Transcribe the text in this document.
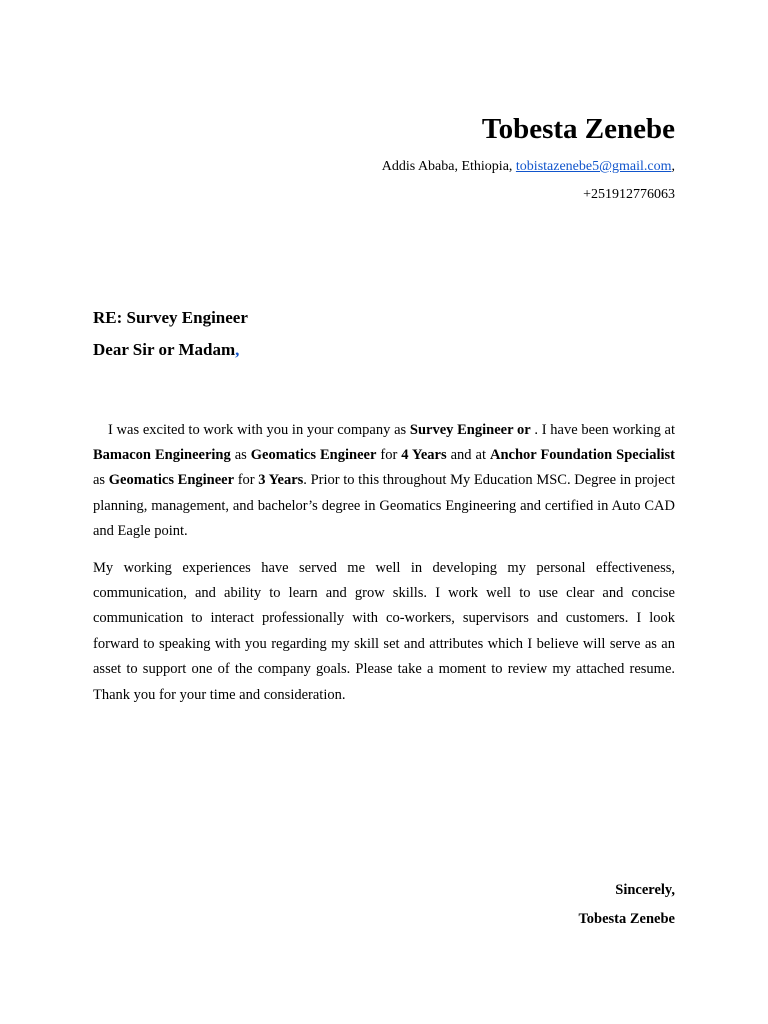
Tobesta Zenebe
Addis Ababa, Ethiopia, tobistazenebe5@gmail.com,
+251912776063
RE: Survey Engineer
Dear Sir or Madam,

I was excited to work with you in your company as Survey Engineer or . I have been working at Bamacon Engineering as Geomatics Engineer for 4 Years and at Anchor Foundation Specialist as Geomatics Engineer for 3 Years. Prior to this throughout My Education MSC. Degree in project planning, management, and bachelor’s degree in Geomatics Engineering and certified in Auto CAD and Eagle point.

My working experiences have served me well in developing my personal effectiveness, communication, and ability to learn and grow skills. I work well to use clear and concise communication to interact professionally with co-workers, supervisors and customers. I look forward to speaking with you regarding my skill set and attributes which I believe will serve as an asset to support one of the company goals. Please take a moment to review my attached resume. Thank you for your time and consideration.

Sincerely,
Tobesta Zenebe
